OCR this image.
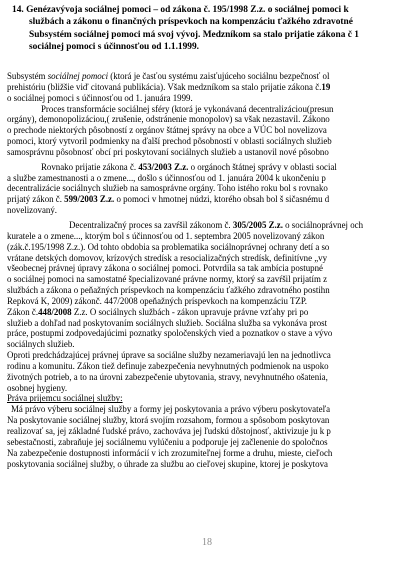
14. Genézavývoja sociálnej pomoci – od zákona č. 195/1998 Z.z. o sociálnej pomoci k
službách a zákonu o finančných príspevkoch na kompenzáciu ťažkého zdravotné
Subsystém sociálnej pomoci má svoj vývoj. Medzníkom sa stalo prijatie zákona č 1
sociálnej pomoci s účinnosťou od 1.1.1999.
Subsystém sociálnej pomoci (ktorá je časťou systému zaisťujúceho sociálnu bezpečnosť ol
prehistóriu (bližšie viď citovaná publikácia). Však medzníkom sa stalo prijatie zákona č.19
o sociálnej pomoci s účinnosťou od 1. januára 1999.
Proces transformácie sociálnej sféry (ktorá je vykonávaná decentralizáciou(presun
orgány), demonopolizáciou,( zrušenie, odstránenie monopolov) sa však nezastavil. Zákono
o prechode niektorých pôsobností z orgánov štátnej správy na obce a VÚC bol novelizova
pomoci, ktorý vytvoril podmienky na ďalší prechod pôsobností v oblasti sociálnych služieb
samosprávnu pôsobnosť obcí pri poskytovaní sociálnych služieb a ustanovil nové pôsobno
Rovnako prijatie zákona č. 453/2003 Z.z. o orgánoch štátnej správy v oblasti social
a službe zamestnanosti a o zmene..., došlo s účinnosťou od 1. januára 2004 k ukončeniu p
decentralizácie sociálnych služieb na samosprávne orgány. Toho istého roku bol s rovnako
prijatý zákon č. 599/2003 Z.z. o pomoci v hmotnej núdzi, ktorého obsah bol š sičasnému d
novelizovaný.
Decentralizačný proces sa zavŕšil zákonom č. 305/2005 Z.z. o sociálnoprávnej och
kuratele a o zmene..., ktorým bol s účinnosťou od 1. septembra 2005 novelizovaný zákon
(zák.č.195/1998 Z.z.). Od tohto obdobia sa problematika sociálnoprávnej ochrany detí a so
vrátane detských domovov, krízových stredísk a resocializačných stredísk, definitívne „vy
všeobecnej právnej úpravy zákona o sociálnej pomoci. Potvrdila sa tak ambícia postupné
o sociálnej pomoci na samostatné špecializované právne normy, ktorý sa zavŕšil prijatím z
službách a zákona o peňažných príspevkoch na kompenzáciu ťažkého zdravotného postihn
Repková K, 2009) zákonč. 447/2008 opeňažných príspevkoch na kompenzáciu TZP.
Zákon č.448/2008 Z.z. O sociálnych službách - zákon upravuje právne vzťahy pri po
služieb a dohľad nad poskytovaním sociálnych služieb. Sociálna služba sa vykonáva prost
práce, postupmi zodpovedajúcimi poznatky spoločenských vied a poznatkov o stave a vývo
sociálnych služieb.
Oproti predchádzajúcej právnej úprave sa sociálne služby nezameriavajú len na jednotlivca
rodinu a komunitu. Zákon tiež definuje zabezpečenia nevyhnutných podmienok na uspoko
životných potrieb, a to na úrovni zabezpečenie ubytovania, stravy, nevyhnutného ošatenia,
osobnej hygieny.
Práva prijemcu sociálnej služby:
Má právo výberu sociálnej služby a formy jej poskytovania a právo výberu poskytovateľa
Na poskytovanie sociálnej služby, ktorá svojím rozsahom, formou a spôsobom poskytovan
realizovať sa, jej základné ľudské právo, zachováva jej ľudskú dôstojnosť, aktivizuje ju k p
sebestačnosti, zabraňuje jej sociálnemu vylúčeniu a podporuje jej začlenenie do spoločnos
Na zabezpečenie dostupnosti informácií v ich zrozumiteľnej forme a druhu, mieste, cieľoch
poskytovania sociálnej služby, o úhrade za službu ao cieľovej skupine, ktorej je poskytova
18
